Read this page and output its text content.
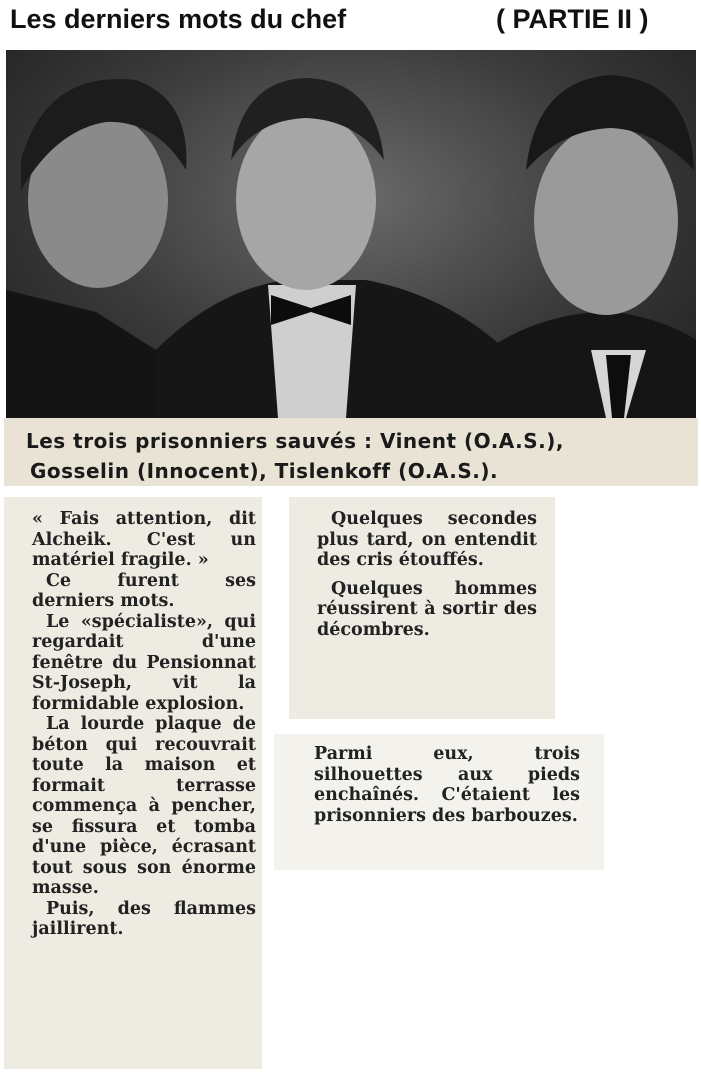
Les derniers mots du chef	( PARTIE II )
Les trois prisonniers sauvés : Vinent (O.A.S.),
Gosselin (Innocent), Tislenkoff (O.A.S.).

« Fais attention, dit Alcheik. C'est un matériel fragile. »

Ce furent ses derniers mots.

Le «spécialiste», qui regardait d'une fenêtre du Pensionnat St-Joseph, vit la formidable explosion.

La lourde plaque de béton qui recouvrait toute la maison et formait terrasse commença à pencher, se fissura et tomba d'une pièce, écrasant tout sous son énorme masse.

Puis, des flammes jaillirent.

Quelques secondes plus tard, on entendit des cris étouffés.

Quelques hommes réussirent à sortir des décombres.

Parmi eux, trois silhouettes aux pieds enchaînés. C'étaient les prisonniers des barbouzes.
